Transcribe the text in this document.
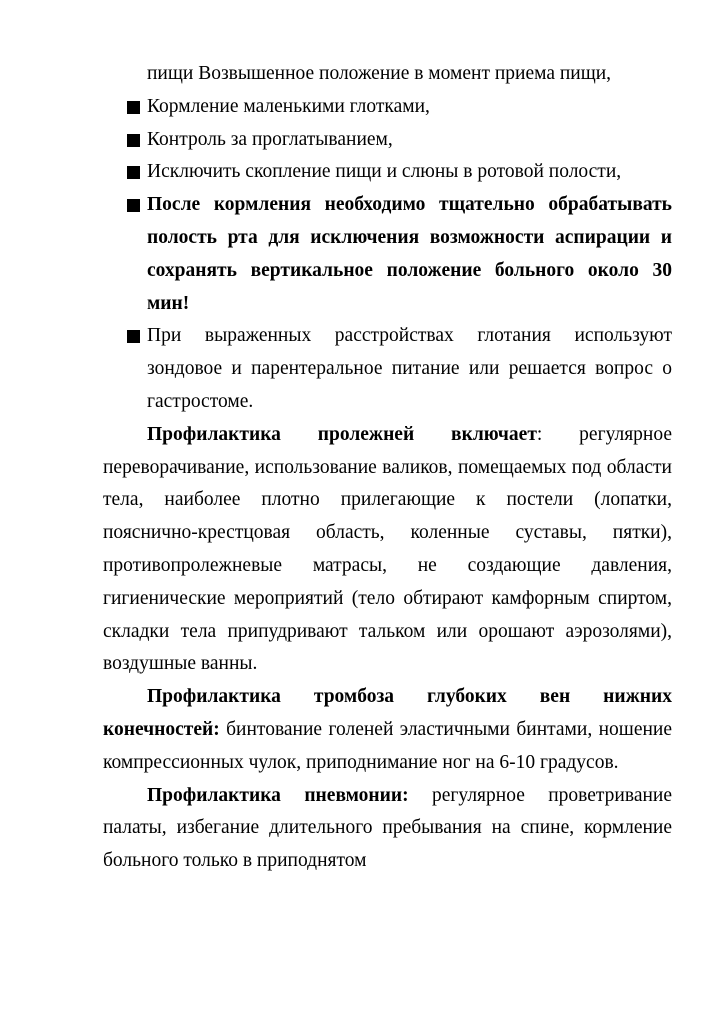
пищи Возвышенное положение в момент приема пищи,

Кормление маленькими глотками,
Контроль за проглатыванием,
Исключить скопление пищи и слюны в ротовой полости,
После кормления необходимо тщательно обрабатывать полость рта для исключения возможности аспирации и сохранять вертикальное положение больного около 30 мин!
При выраженных расстройствах глотания используют зондовое и парентеральное питание или решается вопрос о гастростоме.

Профилактика пролежней включает: регулярное переворачивание, использование валиков, помещаемых под области тела, наиболее плотно прилегающие к постели (лопатки, пояснично-крестцовая область, коленные суставы, пятки), противопролежневые матрасы, не создающие давления, гигиенические мероприятий (тело обтирают камфорным спиртом, складки тела припудривают тальком или орошают аэрозолями), воздушные ванны.

Профилактика тромбоза глубоких вен нижних конечностей: бинтование голеней эластичными бинтами, ношение компрессионных чулок, приподнимание ног на 6-10 градусов.

Профилактика пневмонии: регулярное проветривание палаты, избегание длительного пребывания на спине, кормление больного только в приподнятом
